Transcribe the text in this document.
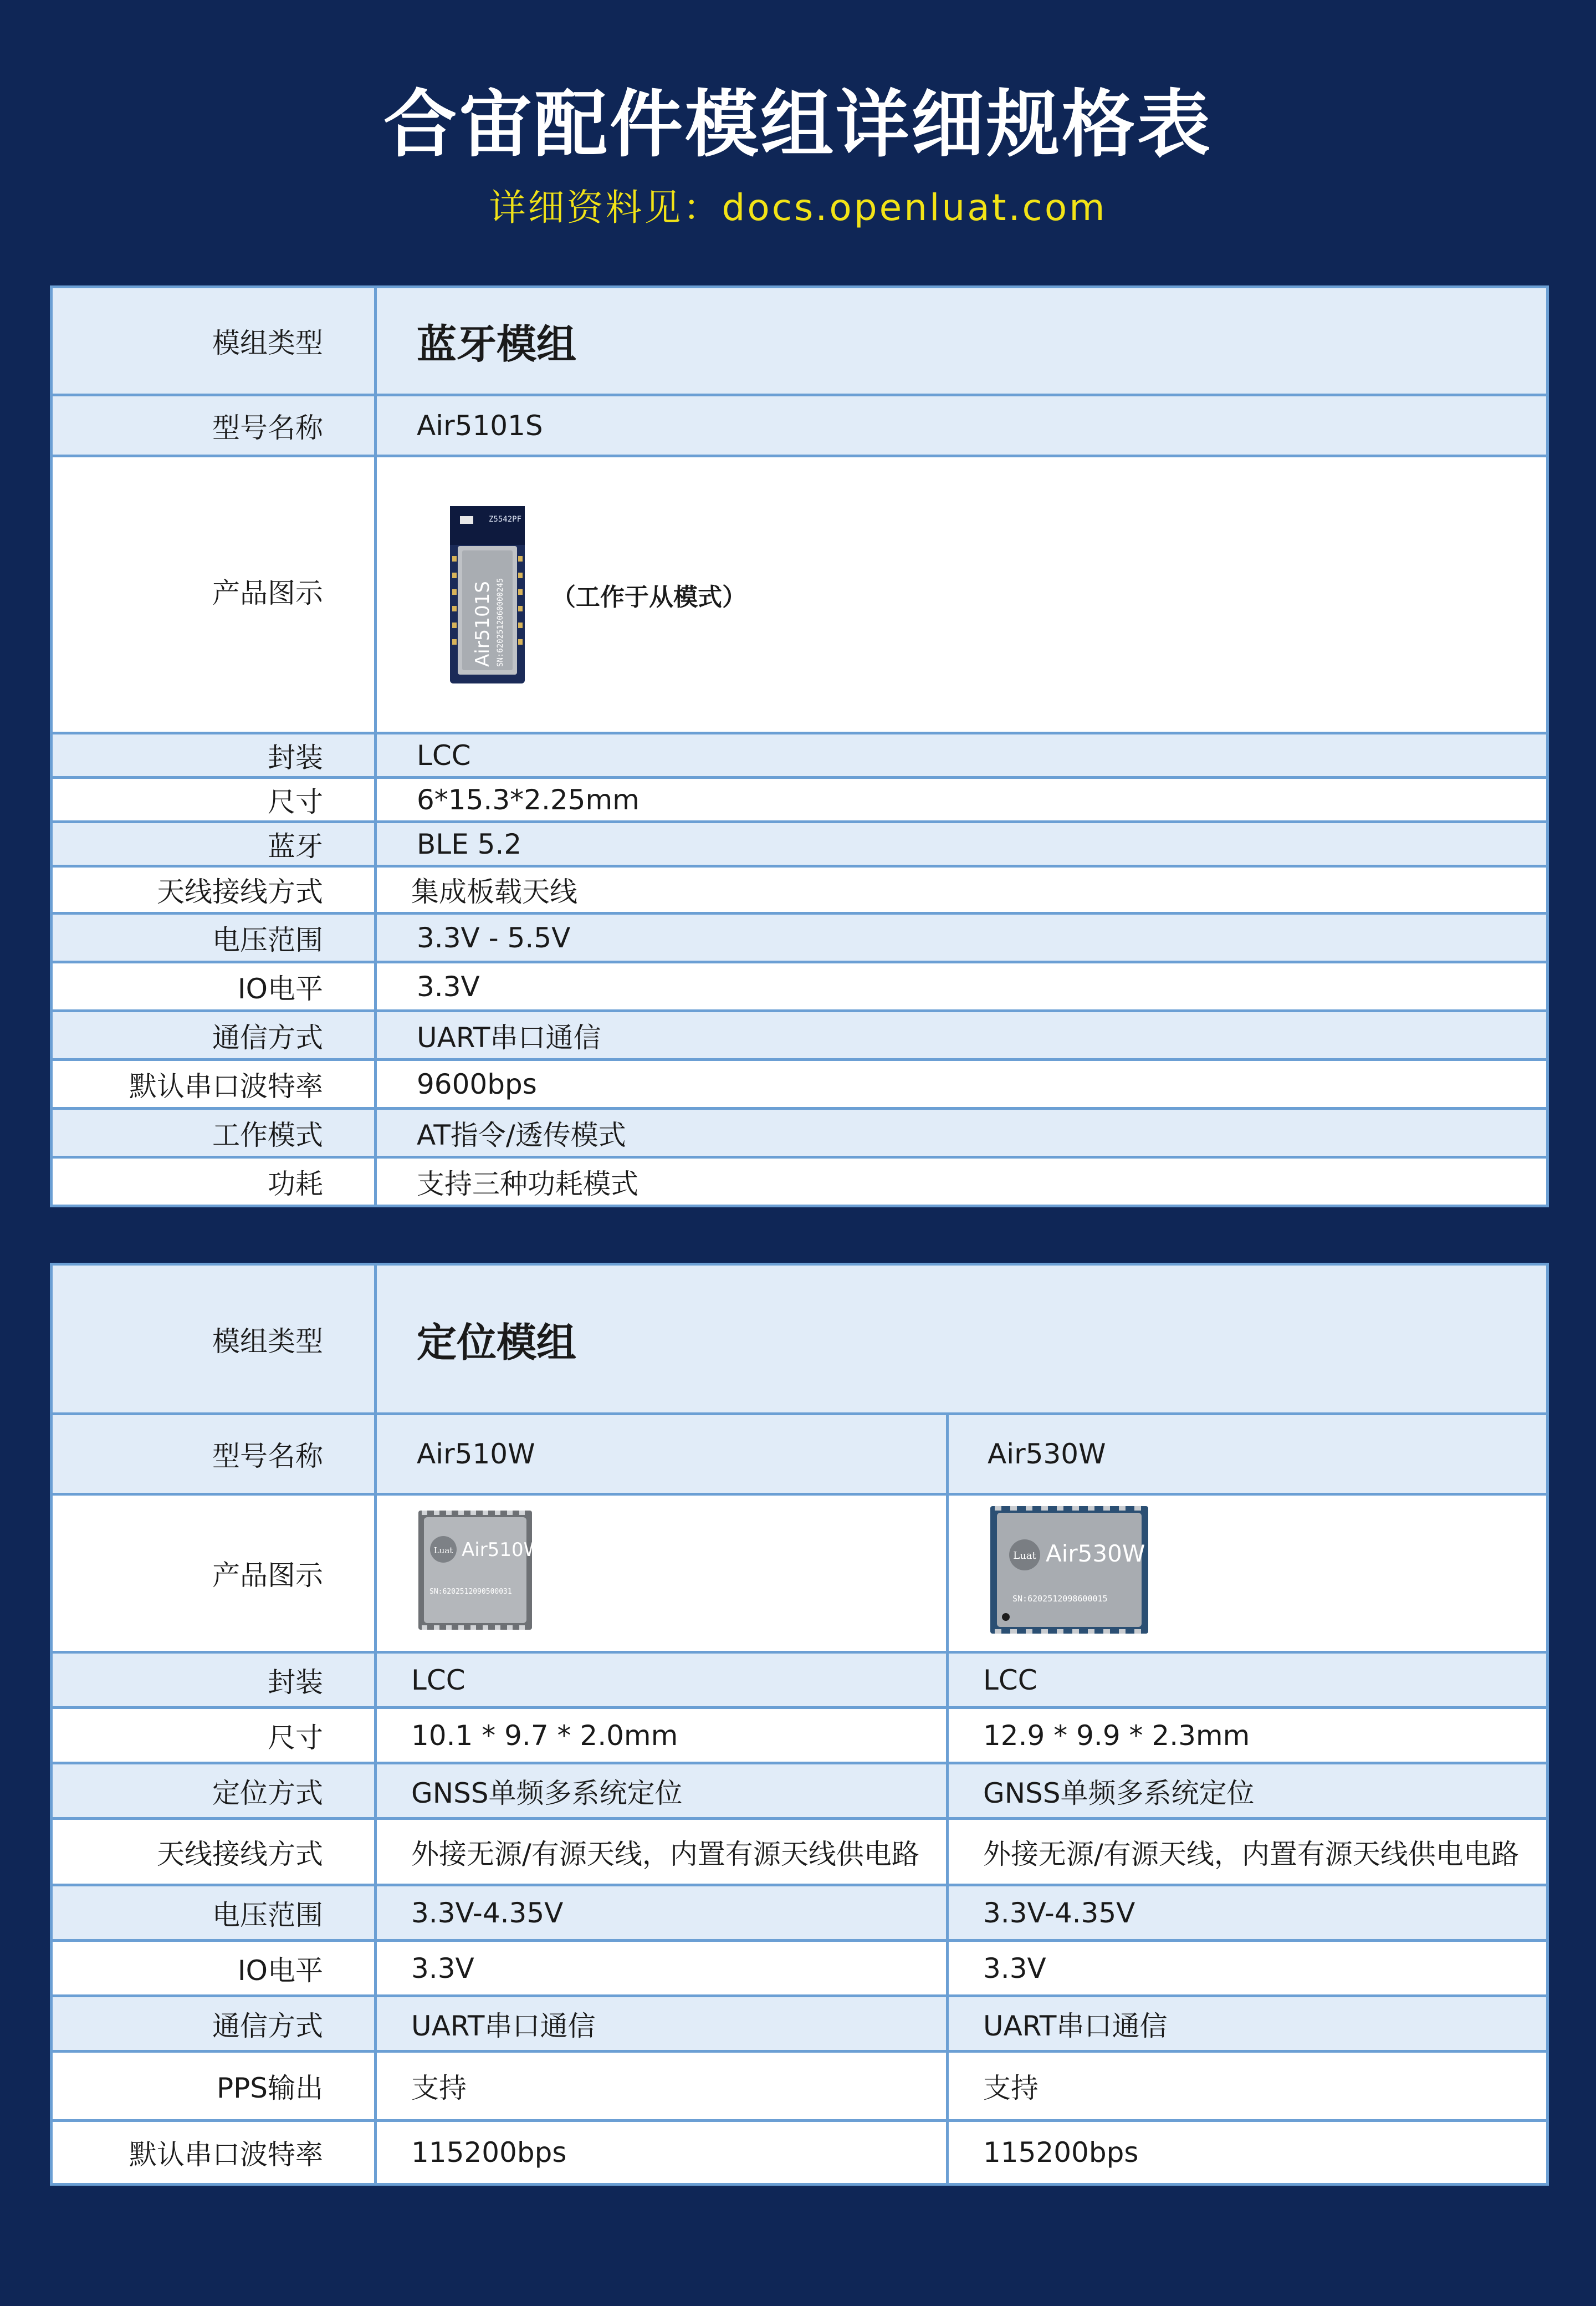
合宙配件模组详细规格表
详细资料见：docs.openluat.com
模组类型	蓝牙模组
型号名称	Air5101S
产品图示	Z5542PF
Air5101S SN:6202512060000245 （工作于从模式）

封装	LCC
尺寸	6*15.3*2.25mm
蓝牙	BLE 5.2
天线接线方式	集成板载天线
电压范围	3.3V - 5.5V
IO电平	3.3V
通信方式	UART串口通信
默认串口波特率	9600bps
工作模式	AT指令/透传模式
功耗	支持三种功耗模式
模组类型	定位模组	
型号名称	Air510W	Air530W
产品图示	Luat Air510W
SN:6202512090500031	Luat Air530W
SN:6202512098600015

封装	LCC	LCC
尺寸	10.1 * 9.7 * 2.0mm	12.9 * 9.9 * 2.3mm
定位方式	GNSS单频多系统定位	GNSS单频多系统定位
天线接线方式	外接无源/有源天线，内置有源天线供电路	外接无源/有源天线，内置有源天线供电电路
电压范围	3.3V-4.35V	3.3V-4.35V
IO电平	3.3V	3.3V
通信方式	UART串口通信	UART串口通信
PPS输出	支持	支持
默认串口波特率	115200bps	115200bps
